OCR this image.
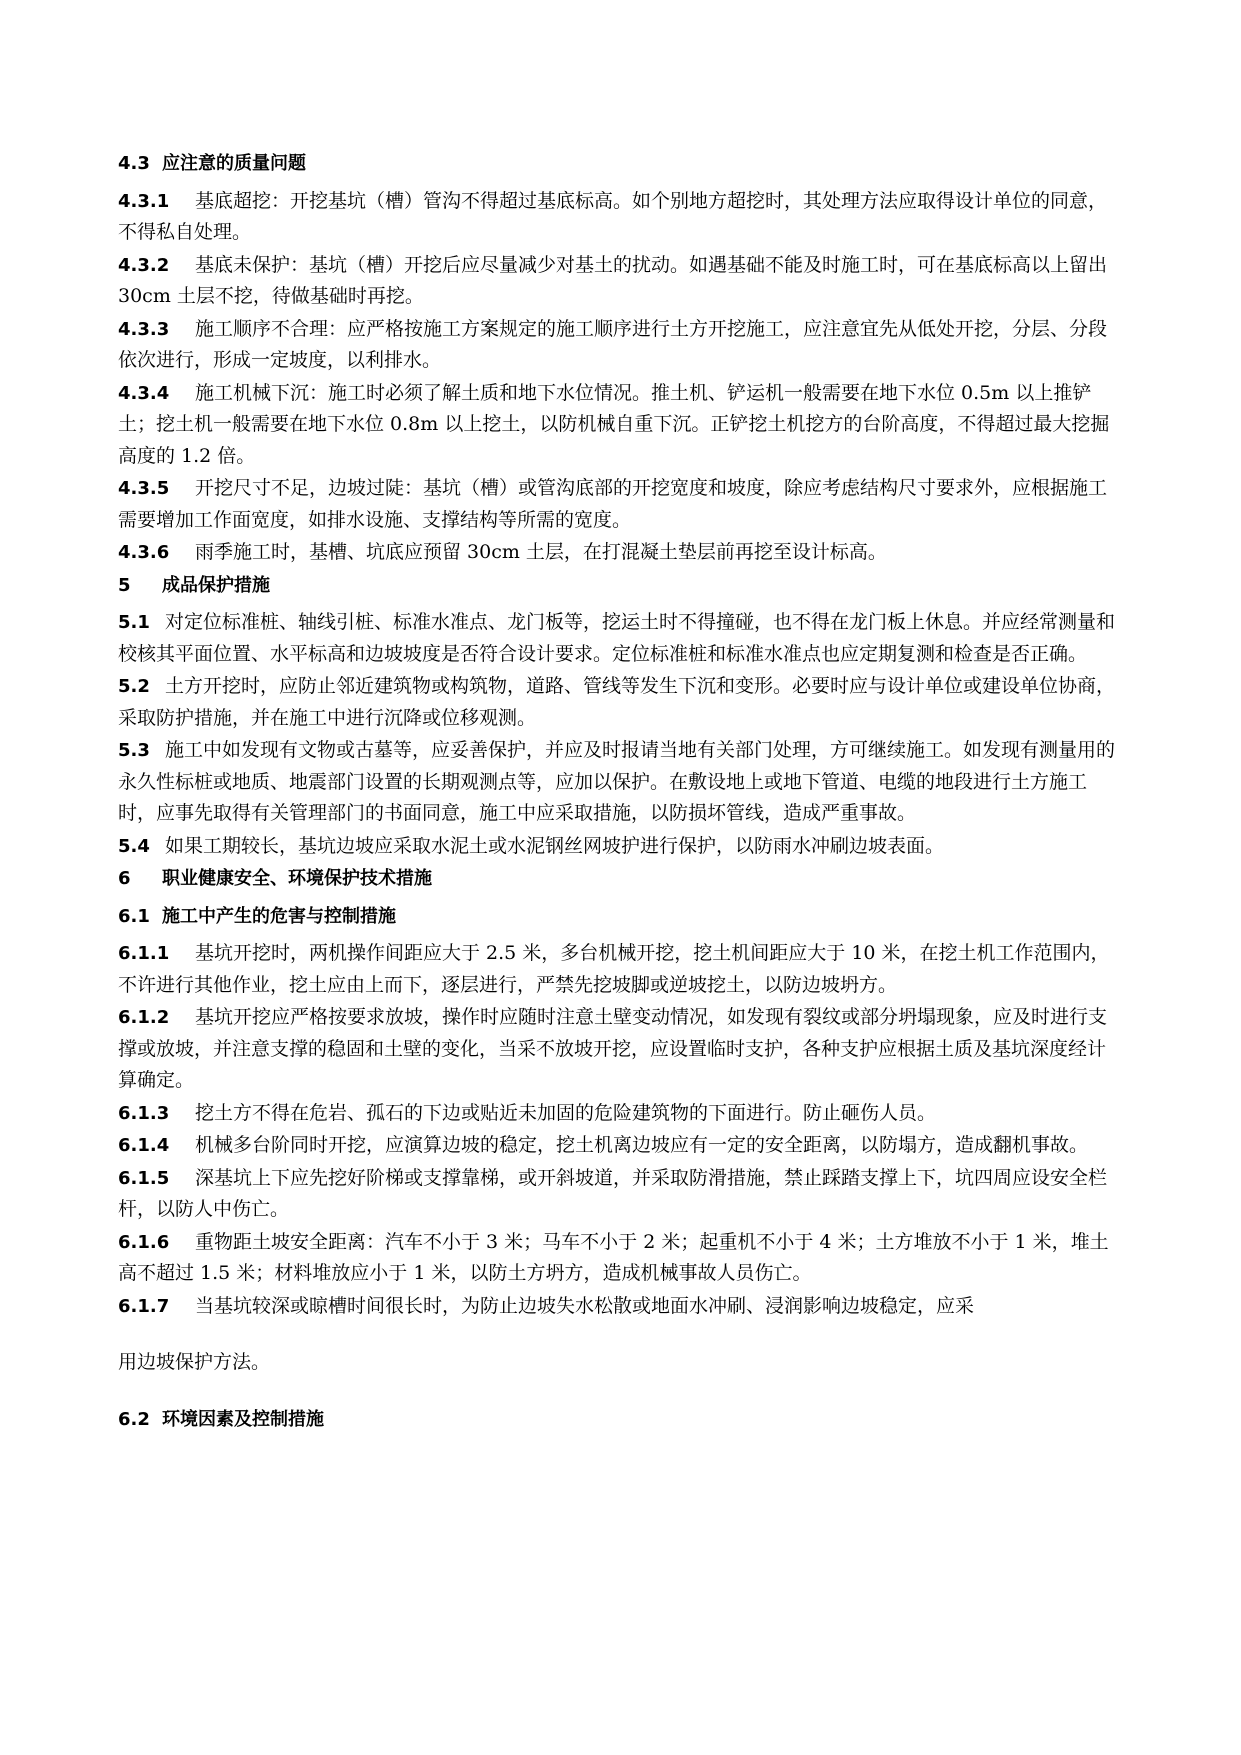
4.3 应注意的质量问题
4.3.1 基底超挖：开挖基坑（槽）管沟不得超过基底标高。如个别地方超挖时，其处理方法应取得设计单位的同意，不得私自处理。
4.3.2 基底未保护：基坑（槽）开挖后应尽量减少对基土的扰动。如遇基础不能及时施工时，可在基底标高以上留出 30cm 土层不挖，待做基础时再挖。
4.3.3 施工顺序不合理：应严格按施工方案规定的施工顺序进行土方开挖施工，应注意宜先从低处开挖，分层、分段依次进行，形成一定坡度，以利排水。
4.3.4 施工机械下沉：施工时必须了解土质和地下水位情况。推土机、铲运机一般需要在地下水位 0.5m 以上推铲土；挖土机一般需要在地下水位 0.8m 以上挖土，以防机械自重下沉。正铲挖土机挖方的台阶高度，不得超过最大挖掘高度的 1.2 倍。
4.3.5 开挖尺寸不足，边坡过陡：基坑（槽）或管沟底部的开挖宽度和坡度，除应考虑结构尺寸要求外，应根据施工需要增加工作面宽度，如排水设施、支撑结构等所需的宽度。
4.3.6 雨季施工时，基槽、坑底应预留 30cm 土层，在打混凝土垫层前再挖至设计标高。
5 成品保护措施
5.1 对定位标准桩、轴线引桩、标准水准点、龙门板等，挖运土时不得撞碰，也不得在龙门板上休息。并应经常测量和校核其平面位置、水平标高和边坡坡度是否符合设计要求。定位标准桩和标准水准点也应定期复测和检查是否正确。
5.2 土方开挖时，应防止邻近建筑物或构筑物，道路、管线等发生下沉和变形。必要时应与设计单位或建设单位协商，采取防护措施，并在施工中进行沉降或位移观测。
5.3 施工中如发现有文物或古墓等，应妥善保护，并应及时报请当地有关部门处理，方可继续施工。如发现有测量用的永久性标桩或地质、地震部门设置的长期观测点等，应加以保护。在敷设地上或地下管道、电缆的地段进行土方施工时，应事先取得有关管理部门的书面同意，施工中应采取措施，以防损坏管线，造成严重事故。
5.4 如果工期较长，基坑边坡应采取水泥土或水泥钢丝网坡护进行保护，以防雨水冲刷边坡表面。
6 职业健康安全、环境保护技术措施
6.1 施工中产生的危害与控制措施
6.1.1 基坑开挖时，两机操作间距应大于 2.5 米，多台机械开挖，挖土机间距应大于 10 米，在挖土机工作范围内，不许进行其他作业，挖土应由上而下，逐层进行，严禁先挖坡脚或逆坡挖土，以防边坡坍方。
6.1.2 基坑开挖应严格按要求放坡，操作时应随时注意土壁变动情况，如发现有裂纹或部分坍塌现象，应及时进行支撑或放坡，并注意支撑的稳固和土壁的变化，当采不放坡开挖，应设置临时支护，各种支护应根据土质及基坑深度经计算确定。
6.1.3 挖土方不得在危岩、孤石的下边或贴近未加固的危险建筑物的下面进行。防止砸伤人员。
6.1.4 机械多台阶同时开挖，应演算边坡的稳定，挖土机离边坡应有一定的安全距离，以防塌方，造成翻机事故。
6.1.5 深基坑上下应先挖好阶梯或支撑靠梯，或开斜坡道，并采取防滑措施，禁止踩踏支撑上下，坑四周应设安全栏杆，以防人中伤亡。
6.1.6 重物距土坡安全距离：汽车不小于 3 米；马车不小于 2 米；起重机不小于 4 米；土方堆放不小于 1 米，堆土高不超过 1.5 米；材料堆放应小于 1 米，以防土方坍方，造成机械事故人员伤亡。
6.1.7 当基坑较深或晾槽时间很长时，为防止边坡失水松散或地面水冲刷、浸润影响边坡稳定，应采
用边坡保护方法。
6.2 环境因素及控制措施
